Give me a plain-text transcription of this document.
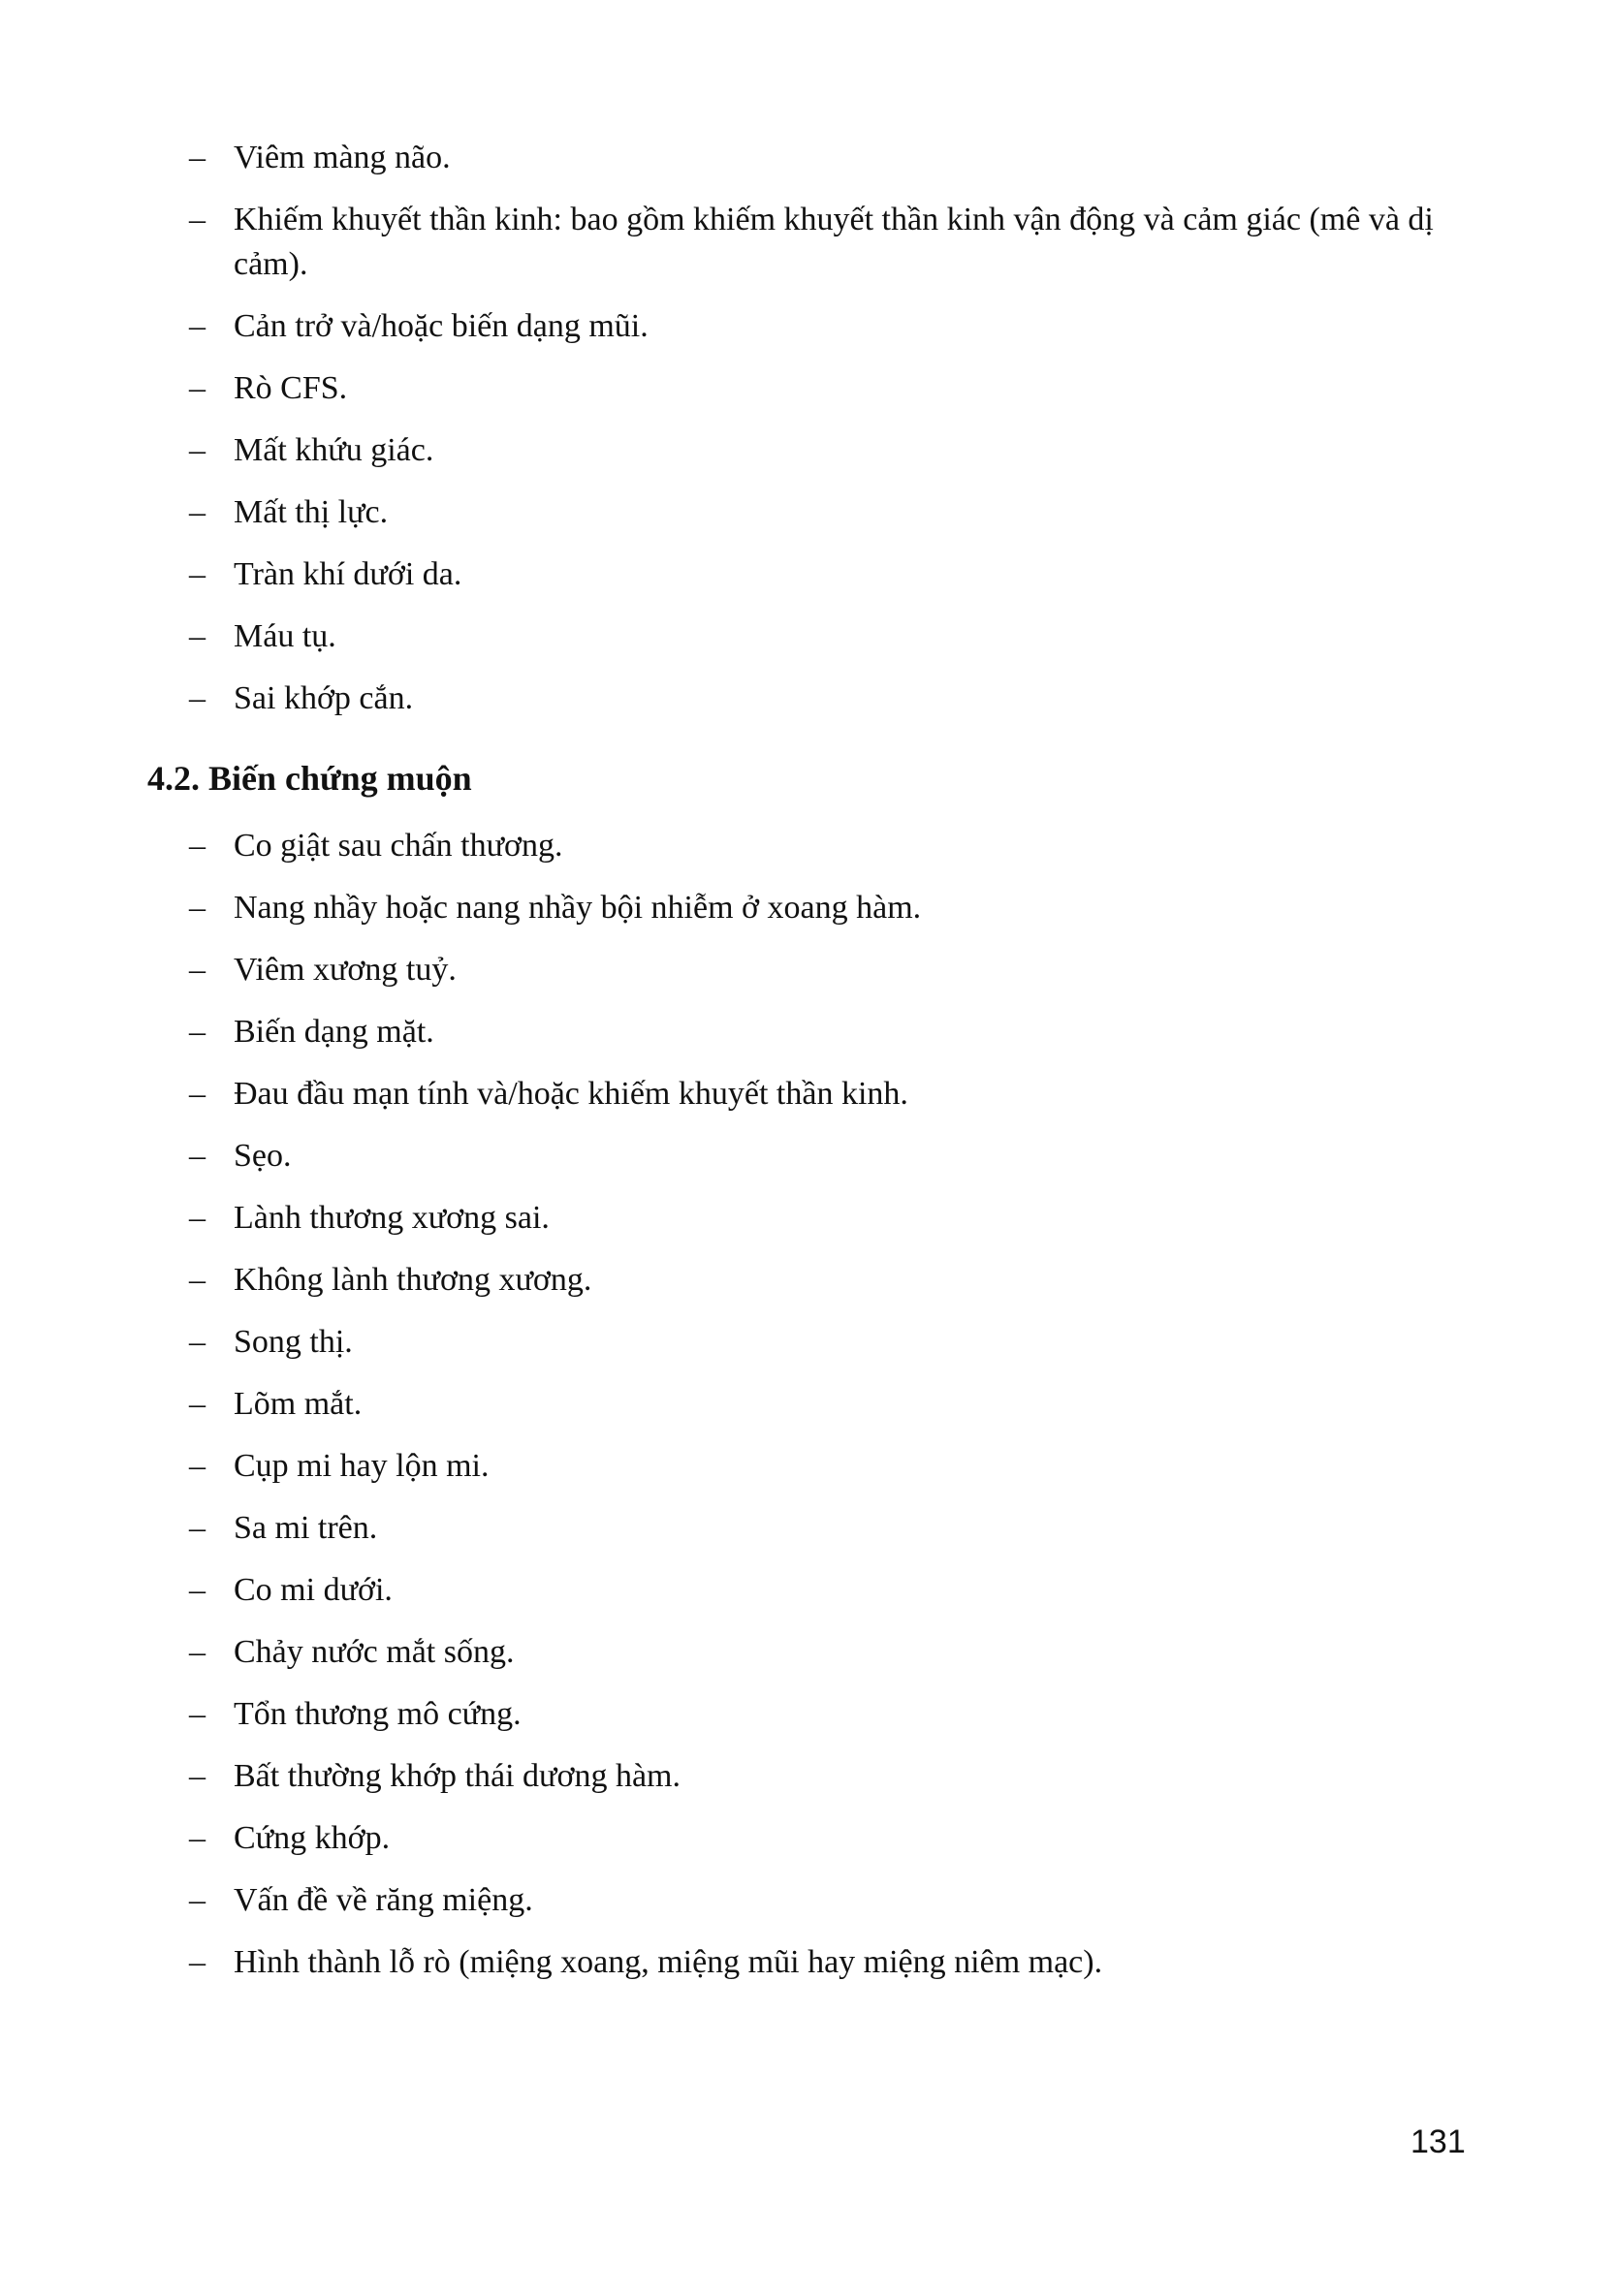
– Viêm màng não.
– Khiếm khuyết thần kinh: bao gồm khiếm khuyết thần kinh vận động và cảm giác (mê và dị cảm).
– Cản trở và/hoặc biến dạng mũi.
– Rò CFS.
– Mất khứu giác.
– Mất thị lực.
– Tràn khí dưới da.
– Máu tụ.
– Sai khớp cắn.
4.2. Biến chứng muộn
– Co giật sau chấn thương.
– Nang nhầy hoặc nang nhầy bội nhiễm ở xoang hàm.
– Viêm xương tuỷ.
– Biến dạng mặt.
– Đau đầu mạn tính và/hoặc khiếm khuyết thần kinh.
– Sẹo.
– Lành thương xương sai.
– Không lành thương xương.
– Song thị.
– Lõm mắt.
– Cụp mi hay lộn mi.
– Sa mi trên.
– Co mi dưới.
– Chảy nước mắt sống.
– Tổn thương mô cứng.
– Bất thường khớp thái dương hàm.
– Cứng khớp.
– Vấn đề về răng miệng.
– Hình thành lỗ rò (miệng xoang, miệng mũi hay miệng niêm mạc).
131
